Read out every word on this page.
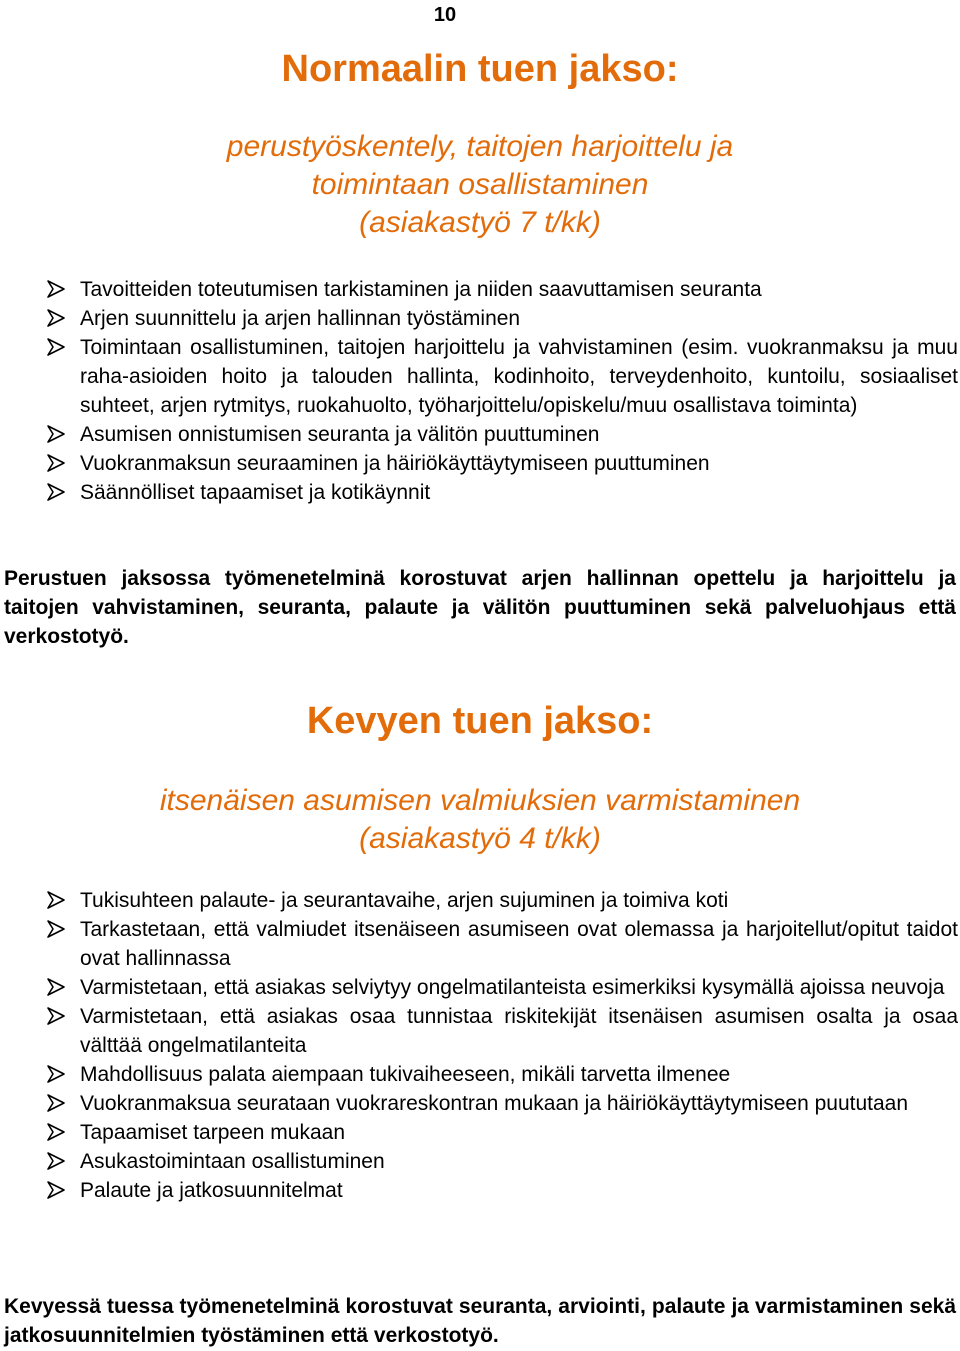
10
Normaalin tuen jakso:
perustyöskentely, taitojen harjoittelu ja
toimintaan osallistaminen
(asiakastyö 7 t/kk)
Tavoitteiden toteutumisen tarkistaminen ja niiden saavuttamisen seuranta
Arjen suunnittelu ja arjen hallinnan työstäminen
Toimintaan osallistuminen, taitojen harjoittelu ja vahvistaminen (esim. vuokranmaksu ja muu raha-asioiden hoito ja talouden hallinta, kodinhoito, terveydenhoito, kuntoilu, sosiaaliset suhteet, arjen rytmitys, ruokahuolto, työharjoittelu/opiskelu/muu osallistava toiminta)
Asumisen onnistumisen seuranta ja välitön puuttuminen
Vuokranmaksun seuraaminen ja häiriökäyttäytymiseen puuttuminen
Säännölliset tapaamiset ja kotikäynnit

Perustuen jaksossa työmenetelminä korostuvat arjen hallinnan opettelu ja harjoittelu ja taitojen vahvistaminen, seuranta, palaute ja välitön puuttuminen sekä palveluohjaus että verkostotyö.

Kevyen tuen jakso:
itsenäisen asumisen valmiuksien varmistaminen
(asiakastyö 4 t/kk)
Tukisuhteen palaute- ja seurantavaihe, arjen sujuminen ja toimiva koti
Tarkastetaan, että valmiudet itsenäiseen asumiseen ovat olemassa ja harjoitellut/opitut taidot ovat hallinnassa
Varmistetaan, että asiakas selviytyy ongelmatilanteista esimerkiksi kysymällä ajoissa neuvoja
Varmistetaan, että asiakas osaa tunnistaa riskitekijät itsenäisen asumisen osalta ja osaa välttää ongelmatilanteita
Mahdollisuus palata aiempaan tukivaiheeseen, mikäli tarvetta ilmenee
Vuokranmaksua seurataan vuokrareskontran mukaan ja häiriökäyttäytymiseen puututaan
Tapaamiset tarpeen mukaan
Asukastoimintaan osallistuminen
Palaute ja jatkosuunnitelmat

Kevyessä tuessa työmenetelminä korostuvat seuranta, arviointi, palaute ja varmistaminen sekä jatkosuunnitelmien työstäminen että verkostotyö.
